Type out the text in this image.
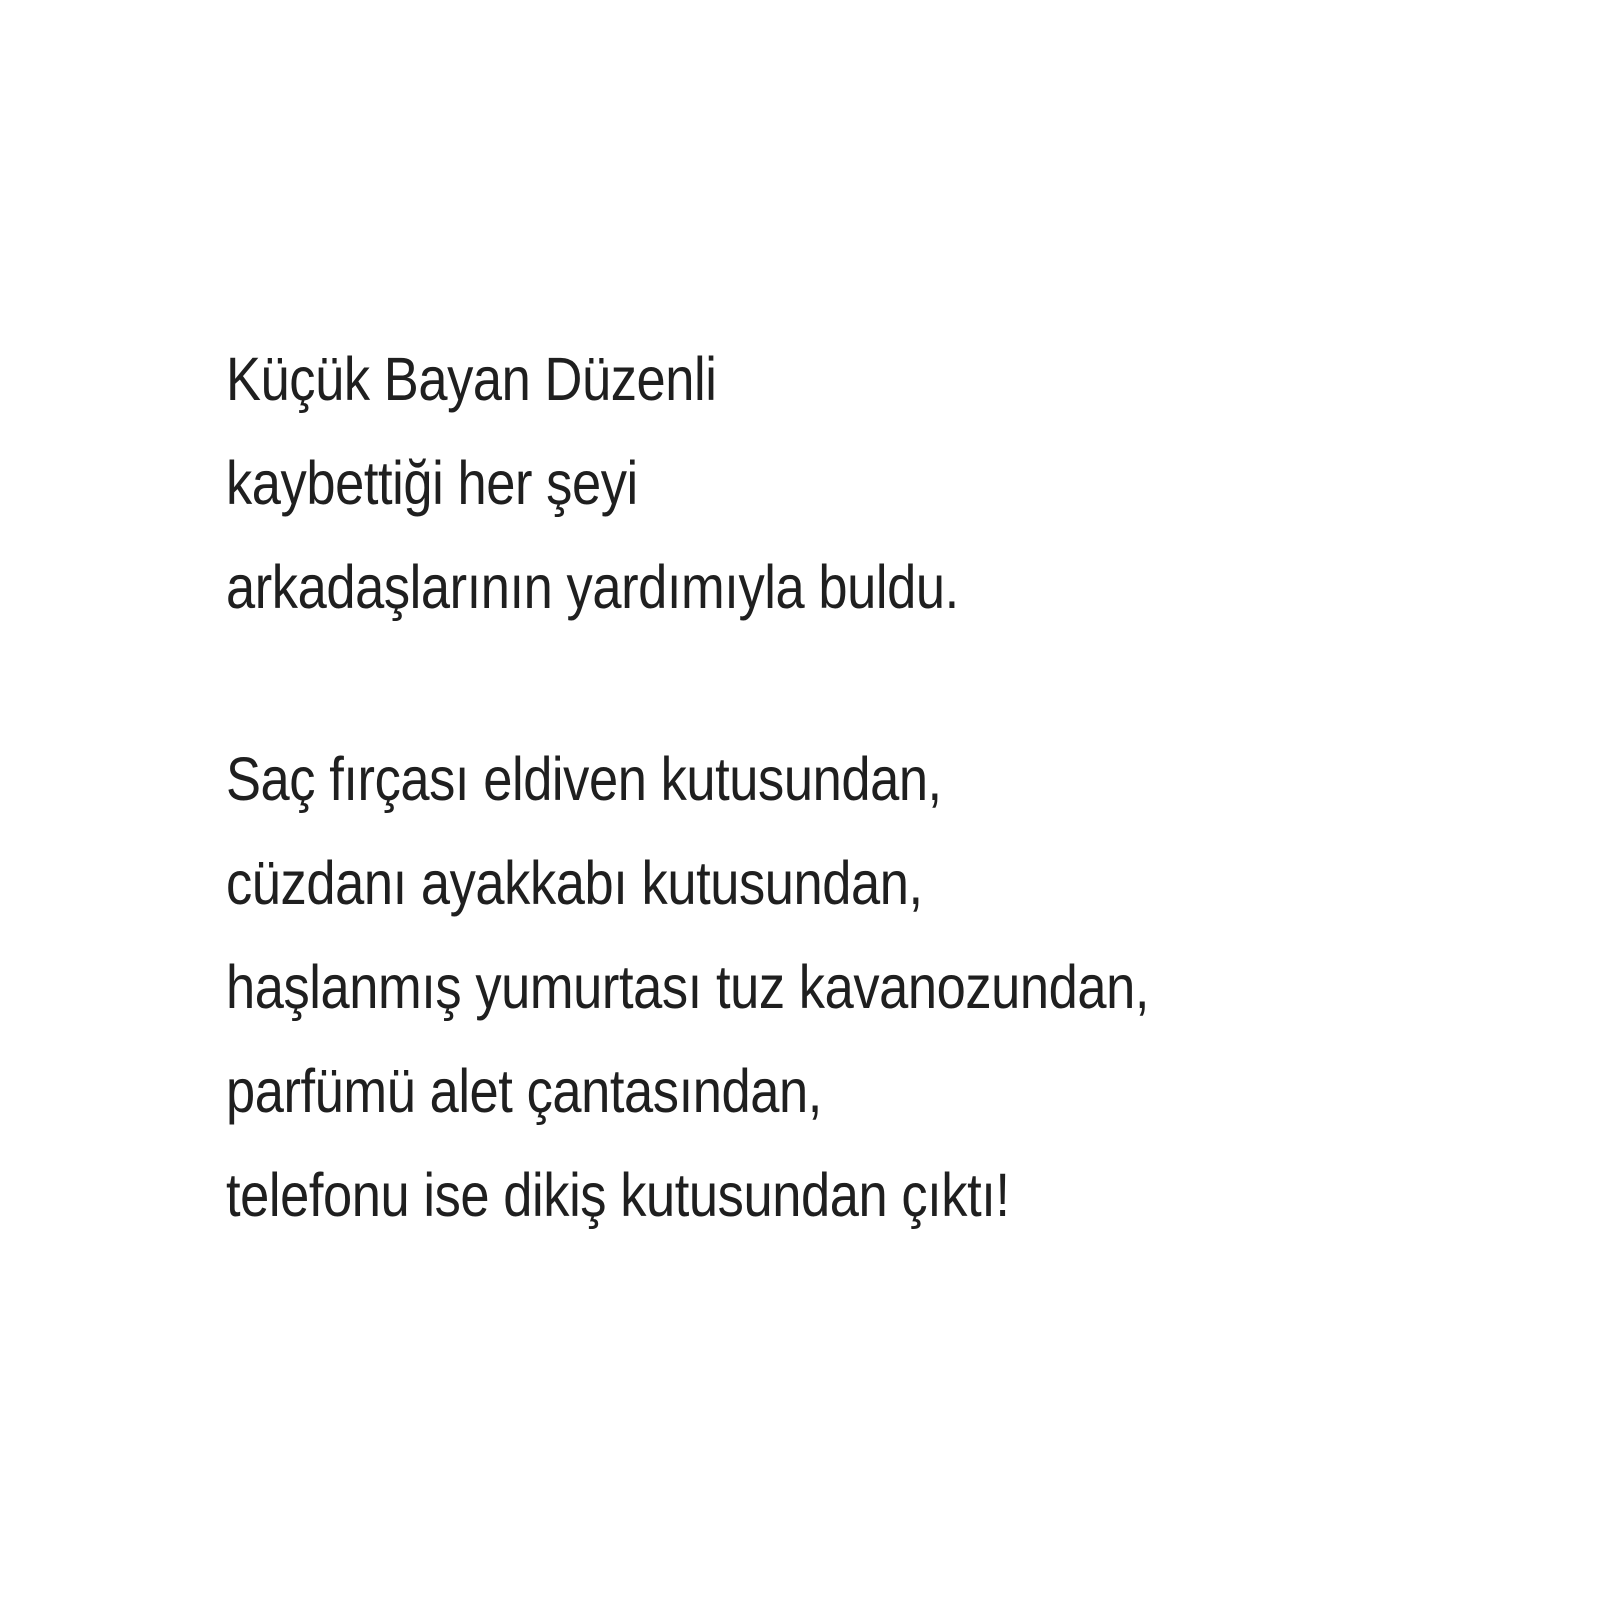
Küçük Bayan Düzenli
kaybettiği her şeyi
arkadaşlarının yardımıyla buldu.
Saç fırçası eldiven kutusundan,
cüzdanı ayakkabı kutusundan,
haşlanmış yumurtası tuz kavanozundan,
parfümü alet çantasından,
telefonu ise dikiş kutusundan çıktı!
